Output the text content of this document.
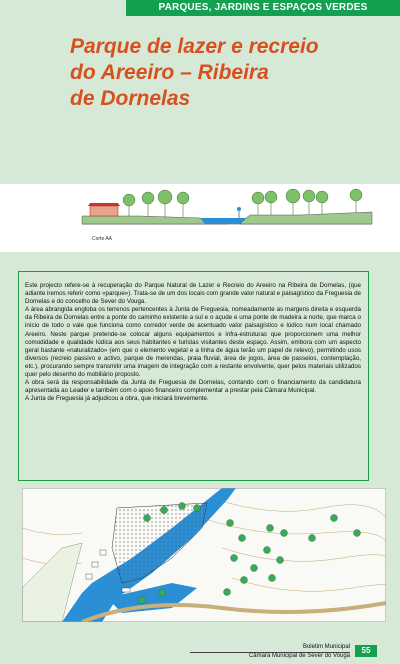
PARQUES, JARDINS E ESPAÇOS VERDES
Parque de lazer e recreio
do Areeiro – Ribeira
de Dornelas
Corte AA

Este projecto refere-se à recuperação do Parque Natural de Lazer e Recreio do Areeiro na Ribeira de Dornelas, (que adiante iremos referir como «parque»). Trata-se de um dos locais com grande valor natural e paisagístico da Freguesia de Dornelas e do concelho de Sever do Vouga.

A área abrangida engloba os terrenos pertencentes à Junta de Freguesia, nomeadamente as margens direita e esquerda da Ribeira de Dornelas entre a ponte do caminho existente a sul e o açude e uma ponte de madeira a norte, que marca o início de todo o vale que funciona como corredor verde de acentuado valor paisagístico e lúdico num local chamado Areeiro. Neste parque pretende-se colocar alguns equipamentos e infra-estruturas que proporcionem uma melhor comodidade e qualidade lúdica aos seus habitantes e turistas visitantes deste espaço. Assim, embora com um aspecto geral bastante «naturalizado» (em que o elemento vegetal e a linha de água terão um papel de relevo), permitindo usos diversos (recreio passivo e activo, parque de merendas, praia fluvial, área de jogos, área de passeios, contemplação, etc.), procurando sempre transmitir uma imagem de integração com a restante envolvente, quer pelos materiais utilizados quer pelo desenho do mobiliário proposto.

A obra será da responsabilidade da Junta de Freguesia de Dornelas, contando com o financiamento da candidatura apresentada ao Leader e também com o apoio financeiro complementar a prestar pela Câmara Municipal.

A Junta de Freguesia já adjudicou a obra, que iniciará brevemente.

Boletim Municipal
Câmara Municipal de Sever do Vouga
55
